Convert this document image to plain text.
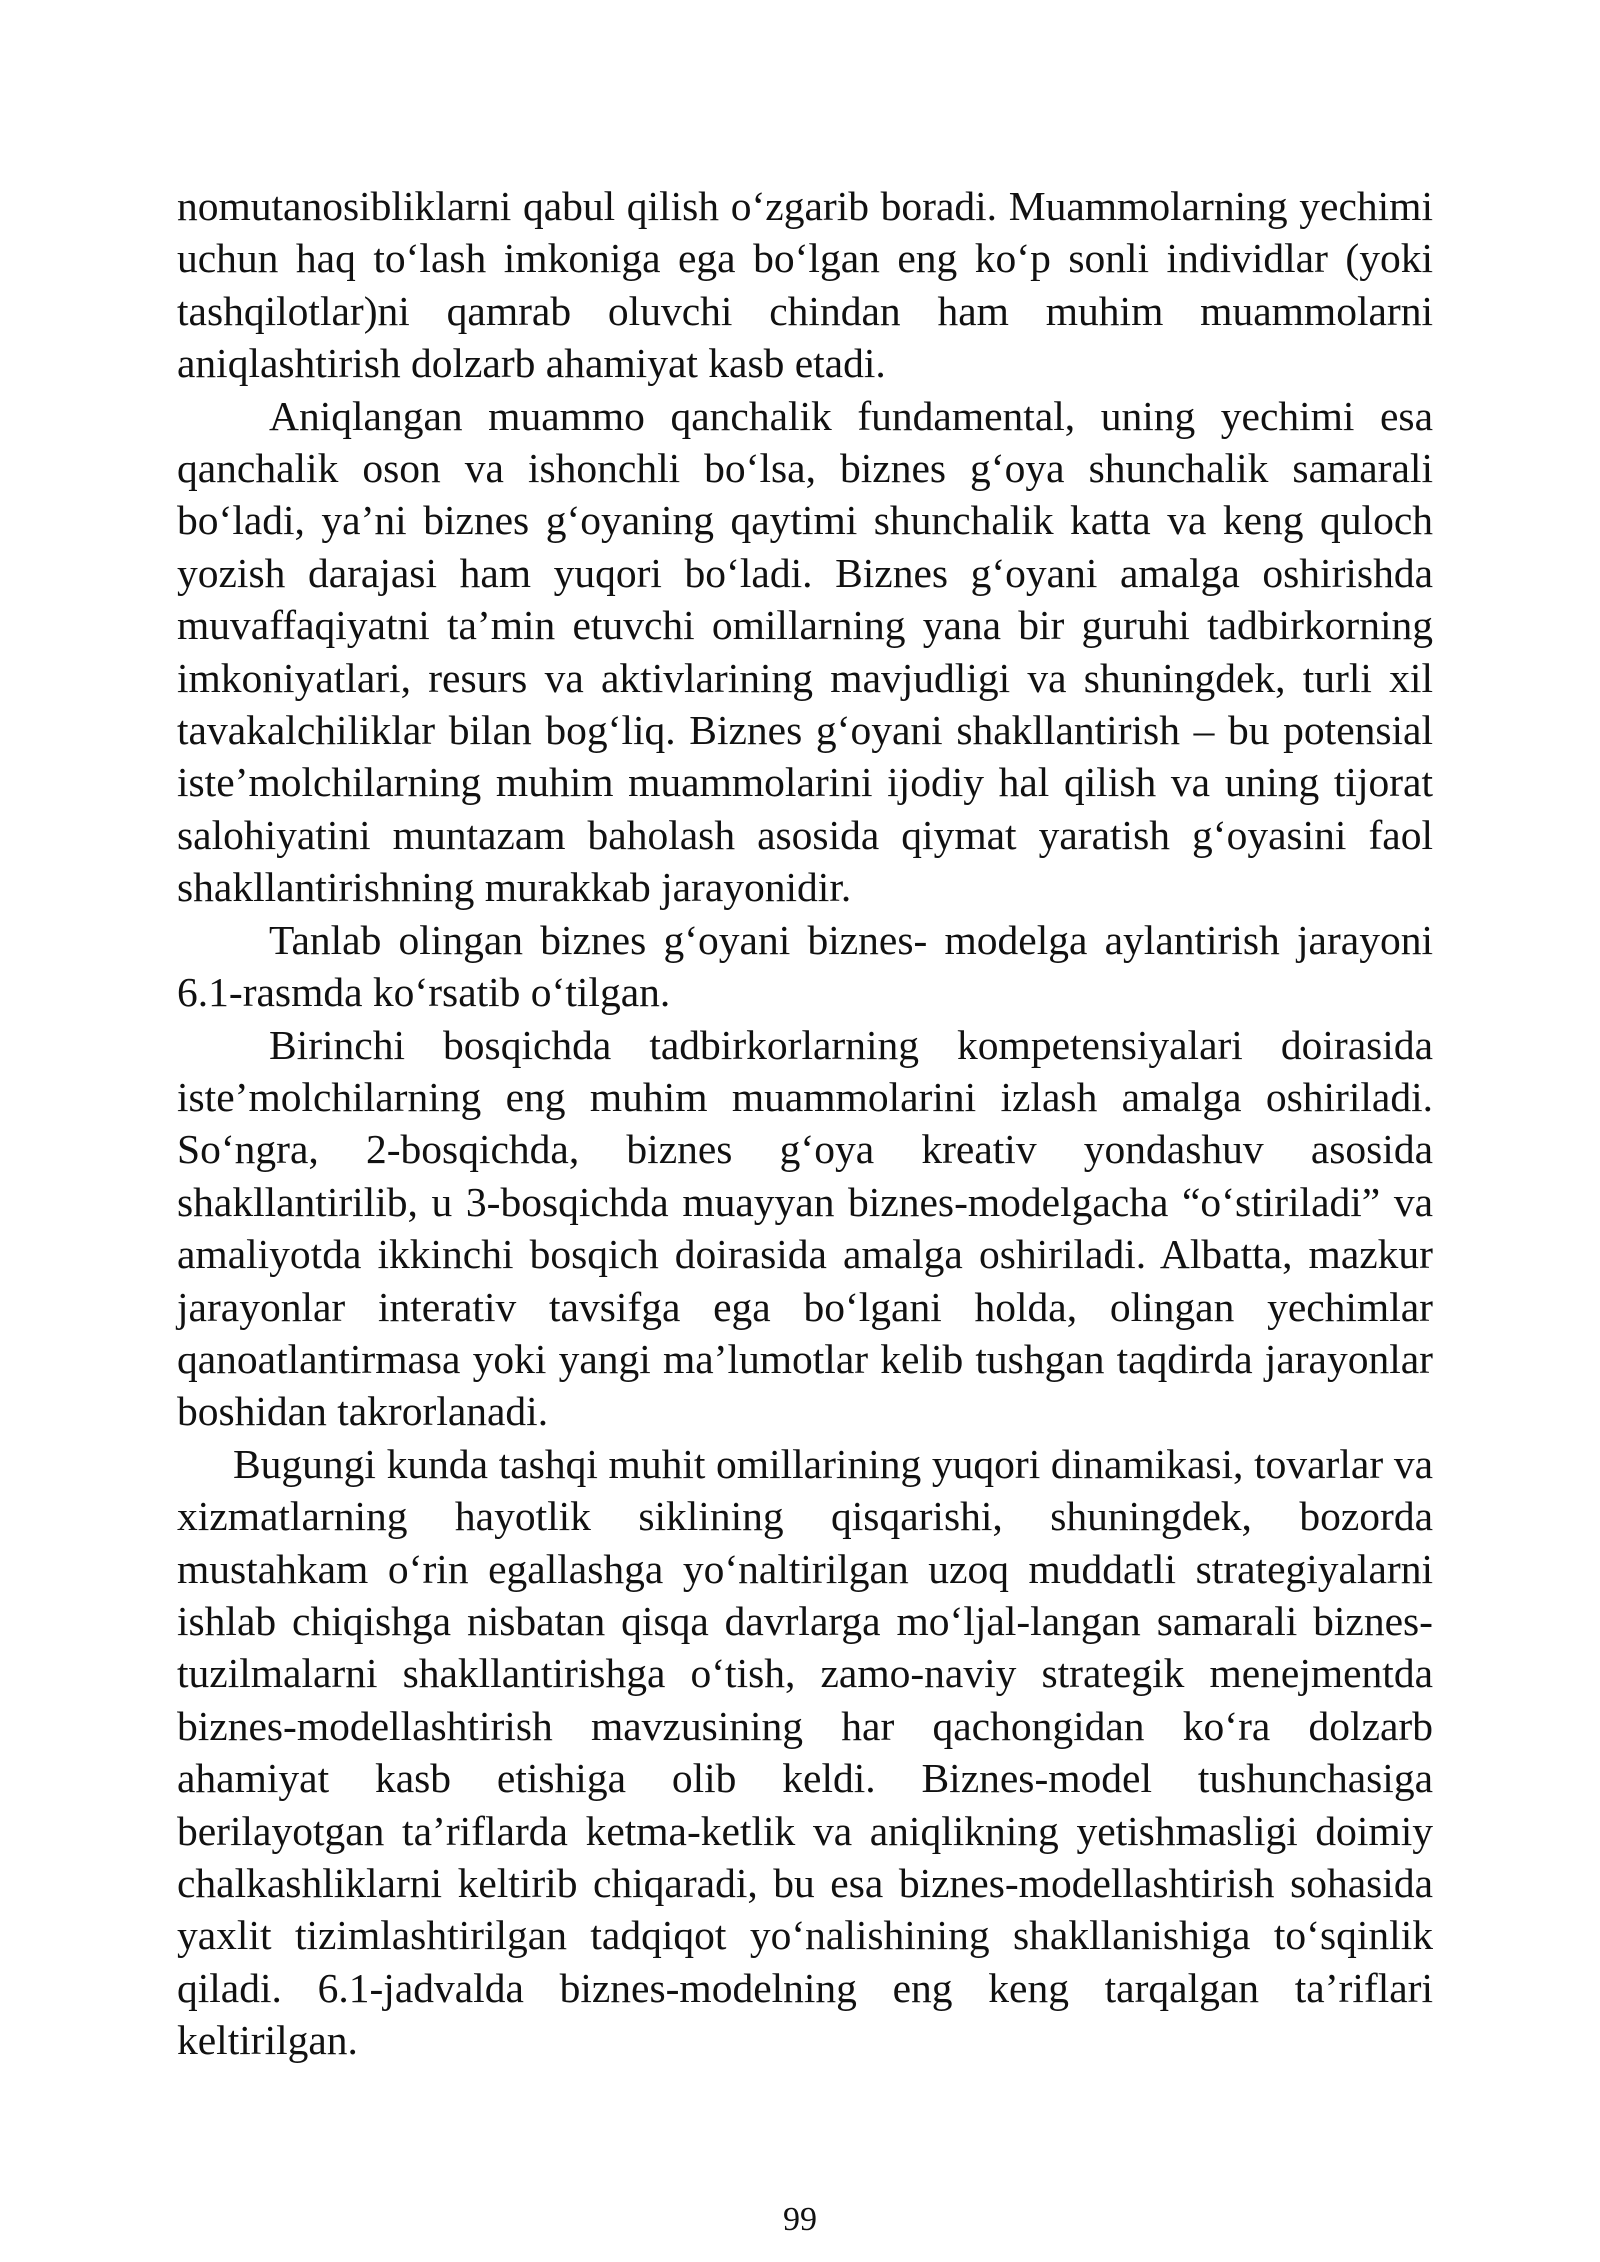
nomutanosibliklarni qabul qilish o‘zgarib boradi. Muammolarning yechimi uchun haq to‘lash imkoniga ega bo‘lgan eng ko‘p sonli individlar (yoki tashqilotlar)ni qamrab oluvchi chindan ham muhim muammolarni aniqlashtirish dolzarb ahamiyat kasb etadi.

Aniqlangan muammo qanchalik fundamental, uning yechimi esa qanchalik oson va ishonchli bo‘lsa, biznes g‘oya shunchalik samarali bo‘ladi, ya’ni biznes g‘oyaning qaytimi shunchalik katta va keng quloch yozish darajasi ham yuqori bo‘ladi. Biznes g‘oyani amalga oshirishda muvaffaqiyatni ta’min etuvchi omillarning yana bir guruhi tadbirkorning imkoniyatlari, resurs va aktivlarining mavjudligi va shuningdek, turli xil tavakalchiliklar bilan bog‘liq. Biznes g‘oyani shakllantirish – bu potensial iste’molchilarning muhim muammolarini ijodiy hal qilish va uning tijorat salohiyatini muntazam baholash asosida qiymat yaratish g‘oyasini faol shakllantirishning murakkab jarayonidir.

Tanlab olingan biznes g‘oyani biznes- modelga aylantirish jarayoni 6.1-rasmda ko‘rsatib o‘tilgan.

Birinchi bosqichda tadbirkorlarning kompetensiyalari doirasida iste’molchilarning eng muhim muammolarini izlash amalga oshiriladi. So‘ngra, 2-bosqichda, biznes g‘oya kreativ yondashuv asosida shakllantirilib, u 3-bosqichda muayyan biznes-modelgacha “o‘stiriladi” va amaliyotda ikkinchi bosqich doirasida amalga oshiriladi. Albatta, mazkur jarayonlar interativ tavsifga ega bo‘lgani holda, olingan yechimlar qanoatlantirmasa yoki yangi ma’lumotlar kelib tushgan taqdirda jarayonlar boshidan takrorlanadi.

Bugungi kunda tashqi muhit omillarining yuqori dinamikasi, tovarlar va xizmatlarning hayotlik siklining qisqarishi, shuningdek, bozorda mustahkam o‘rin egallashga yo‘naltirilgan uzoq muddatli strategiyalarni ishlab chiqishga nisbatan qisqa davrlarga mo‘ljal-langan samarali biznes-tuzilmalarni shakllantirishga o‘tish, zamo-naviy strategik menejmentda biznes-modellashtirish mavzusining har qachongidan ko‘ra dolzarb ahamiyat kasb etishiga olib keldi. Biznes-model tushunchasiga berilayotgan ta’riflarda ketma-ketlik va aniqlikning yetishmasligi doimiy chalkashliklarni keltirib chiqaradi, bu esa biznes-modellashtirish sohasida yaxlit tizimlashtirilgan tadqiqot yo‘nalishining shakllanishiga to‘sqinlik qiladi. 6.1-jadvalda biznes-modelning eng keng tarqalgan ta’riflari keltirilgan.

99
